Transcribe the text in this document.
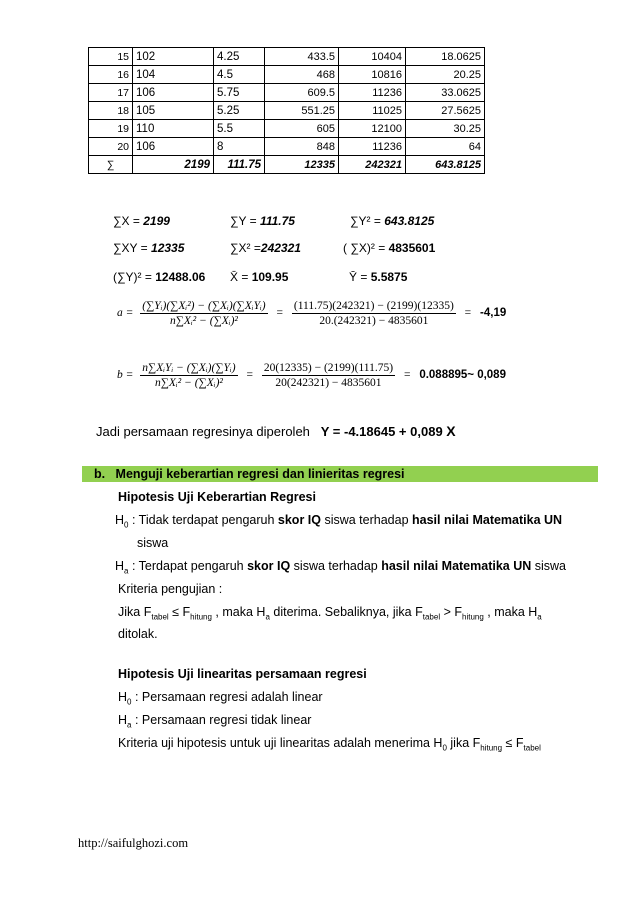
15	102	4.25	433.5	10404	18.0625
16	104	4.5	468	10816	20.25
17	106	5.75	609.5	11236	33.0625
18	105	5.25	551.25	11025	27.5625
19	110	5.5	605	12100	30.25
20	106	8	848	11236	64
∑	2199	111.75	12335	242321	643.8125
∑X = 2199	∑Y = 111.75	∑Y² = 643.8125
∑XY = 12335	∑X² =242321	( ∑X)² = 4835601
(∑Y)² = 12488.06 X̄ = 109.95	Ȳ = 5.5875
$a = \frac{\text{(∑Yᵢ)(∑Xᵢ²) − (∑Xᵢ)(∑XᵢYᵢ)}}{\text{n∑Xᵢ² − (∑Xᵢ)²}} = \frac{(111.75)(242321) - (2199)(12335)}{20.(242321) - 4835601} = -4,19$
$b = \frac{\text{n∑XᵢYᵢ − (∑Xᵢ)(∑Yᵢ)}}{\text{n∑Xᵢ² − (∑Xᵢ)²}} = \frac{20(12335) - (2199)(111.75)}{20(242321) - 4835601}$ = 0.088895~ 0,089
Jadi persamaan regresinya diperoleh Y = -4.18645 + 0,089 X
b. Menguji keberartian regresi dan linieritas regresi
Hipotesis Uji Keberartian Regresi
$H_0$ : Tidak terdapat pengaruh skor IQ siswa terhadap hasil nilai Matematika UN
siswa
$H_a$ : Terdapat pengaruh skor IQ siswa terhadap hasil nilai Matematika UN siswa
Kriteria pengujian :
Jika $F_{tabel} \le F_{hitung}$ , maka $H_a$ diterima. Sebaliknya, jika $F_{tabel} > F_{hitung}$ , maka $H_a$
ditolak.
Hipotesis Uji linearitas persamaan regresi
$H_0$ : Persamaan regresi adalah linear
$H_a$ : Persamaan regresi tidak linear
Kriteria uji hipotesis untuk uji linearitas adalah menerima $H_0$ jika $F_{hitung} \le F_{tabel}$
http://saifulghozi.com
